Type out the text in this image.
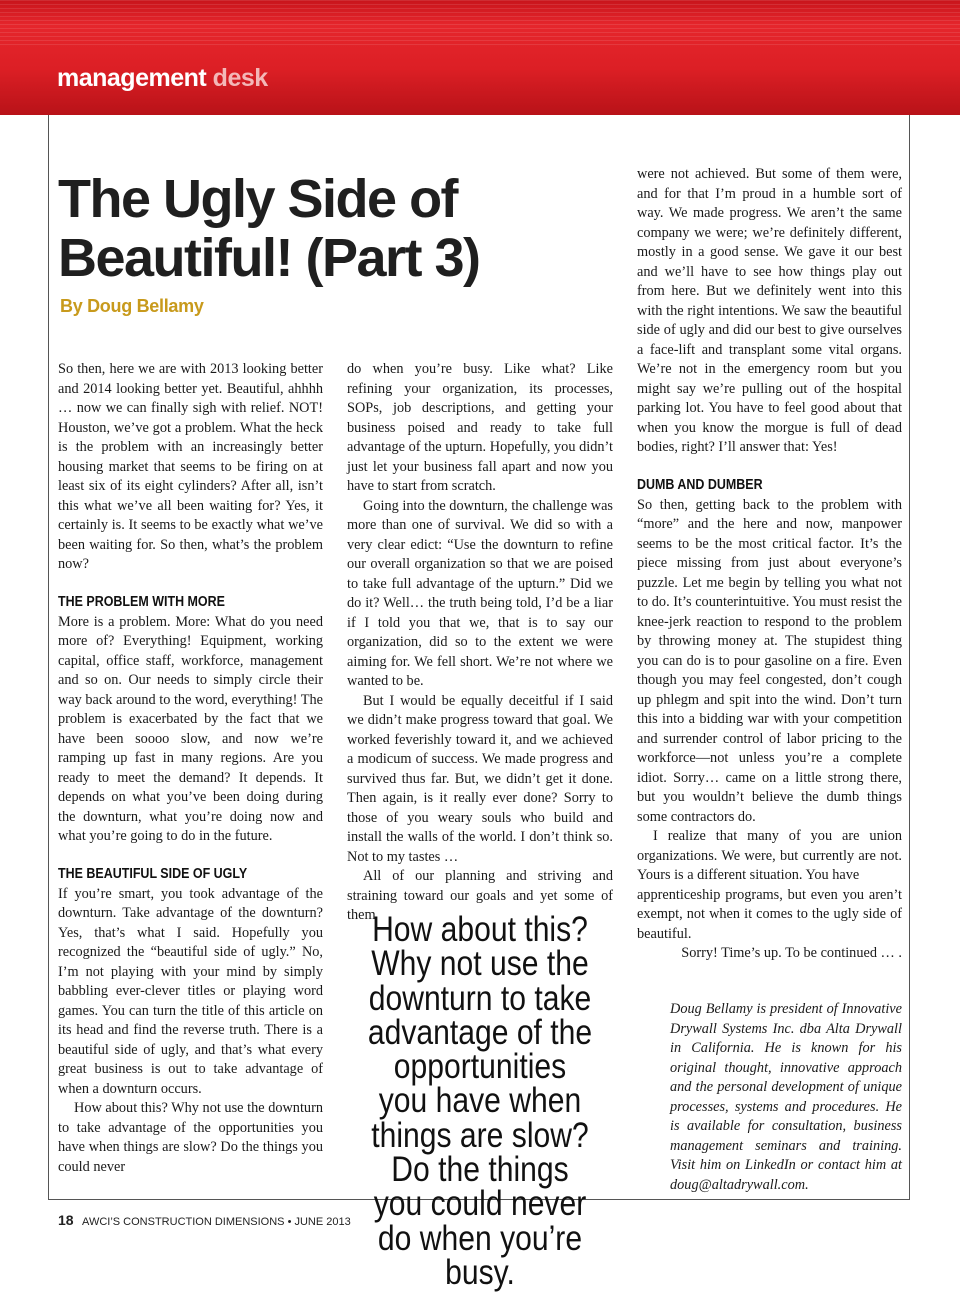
management desk
The Ugly Side of Beautiful! (Part 3)
By Doug Bellamy

So then, here we are with 2013 looking better and 2014 looking better yet. Beautiful, ahhhh … now we can finally sigh with relief. NOT! Houston, we’ve got a problem. What the heck is the problem with an increasingly better housing market that seems to be firing on at least six of its eight cylinders? After all, isn’t this what we’ve all been waiting for? Yes, it certainly is. It seems to be exactly what we’ve been waiting for. So then, what’s the problem now?

THE PROBLEM WITH MORE

More is a problem. More: What do you need more of? Everything! Equipment, working capital, office staff, workforce, management and so on. Our needs to simply circle their way back around to the word, everything! The problem is exacerbated by the fact that we have been soooo slow, and now we’re ramping up fast in many regions. Are you ready to meet the demand? It depends. It depends on what you’ve been doing during the downturn, what you’re doing now and what you’re going to do in the future.

THE BEAUTIFUL SIDE OF UGLY

If you’re smart, you took advantage of the downturn. Take advantage of the downturn? Yes, that’s what I said. Hopefully you recognized the “beautiful side of ugly.” No, I’m not playing with your mind by simply babbling ever-clever titles or playing word games. You can turn the title of this article on its head and find the reverse truth. There is a beautiful side of ugly, and that’s what every great business is out to take advantage of when a downturn occurs.

How about this? Why not use the downturn to take advantage of the opportunities you have when things are slow? Do the things you could never

do when you’re busy. Like what? Like refining your organization, its processes, SOPs, job descriptions, and getting your business poised and ready to take full advantage of the upturn. Hopefully, you didn’t just let your business fall apart and now you have to start from scratch.

Going into the downturn, the challenge was more than one of survival. We did so with a very clear edict: “Use the downturn to refine our overall organization so that we are poised to take full advantage of the upturn.” Did we do it? Well… the truth being told, I’d be a liar if I told you that we, that is to say our organization, did so to the extent we were aiming for. We fell short. We’re not where we wanted to be.

But I would be equally deceitful if I said we didn’t make progress toward that goal. We worked feverishly toward it, and we achieved a modicum of success. We made progress and survived thus far. But, we didn’t get it done. Then again, is it really ever done? Sorry to those of you weary souls who build and install the walls of the world. I don’t think so. Not to my tastes …

All of our planning and striving and straining toward our goals and yet some of them

How about this? Why not use the downturn to take advantage of the opportunities you have when things are slow? Do the things you could never do when you’re busy.

were not achieved. But some of them were, and for that I’m proud in a humble sort of way. We made progress. We aren’t the same company we were; we’re definitely different, mostly in a good sense. We gave it our best and we’ll have to see how things play out from here. But we definitely went into this with the right intentions. We saw the beautiful side of ugly and did our best to give ourselves a face-lift and transplant some vital organs. We’re not in the emergency room but you might say we’re pulling out of the hospital parking lot. You have to feel good about that when you know the morgue is full of dead bodies, right? I’ll answer that: Yes!

DUMB AND DUMBER

So then, getting back to the problem with “more” and the here and now, manpower seems to be the most critical factor. It’s the piece missing from just about everyone’s puzzle. Let me begin by telling you what not to do. It’s counterintuitive. You must resist the knee-jerk reaction to respond to the problem by throwing money at. The stupidest thing you can do is to pour gasoline on a fire. Even though you may feel congested, don’t cough up phlegm and spit into the wind. Don’t turn this into a bidding war with your competition and surrender control of labor pricing to the workforce—not unless you’re a complete idiot. Sorry… came on a little strong there, but you wouldn’t believe the dumb things some contractors do.

I realize that many of you are union organizations. We were, but currently are not. Yours is a different situation. You have

apprenticeship programs, but even you aren’t exempt, not when it comes to the ugly side of beautiful.

Sorry! Time’s up. To be continued … .

Doug Bellamy is president of Innovative Drywall Systems Inc. dba Alta Drywall in California. He is known for his original thought, innovative approach and the personal development of unique processes, systems and procedures. He is available for consultation, business management seminars and training. Visit him on LinkedIn or contact him at doug@altadrywall.com.

18 AWCI’S CONSTRUCTION DIMENSIONS • JUNE 2013
